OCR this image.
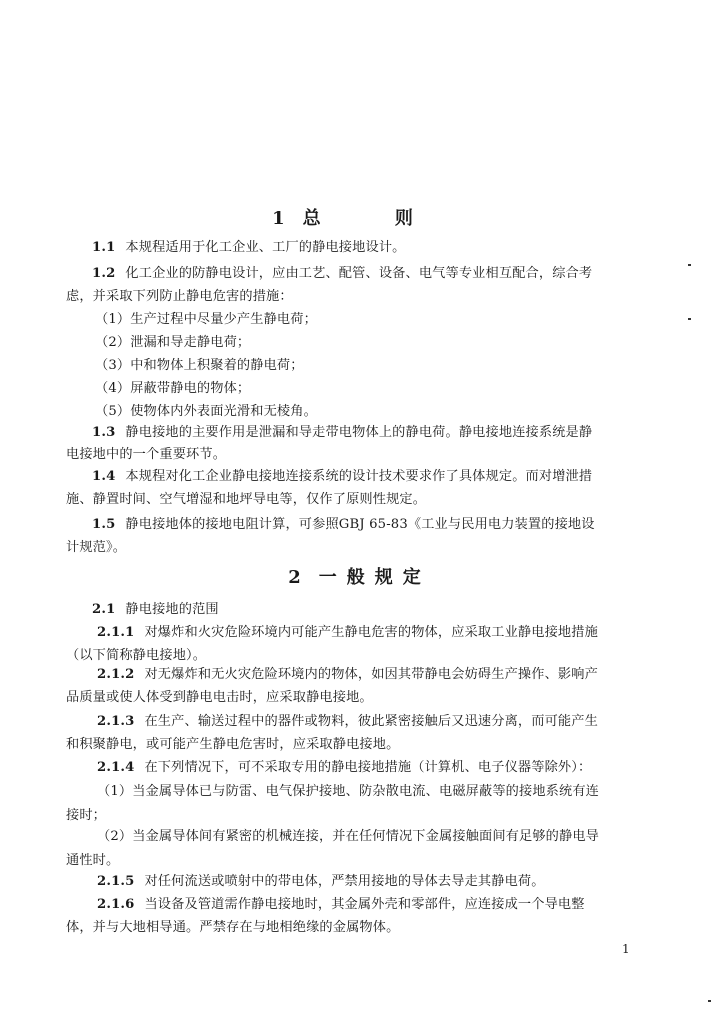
1 总 则
1.1 本规程适用于化工企业、工厂的静电接地设计。
1.2 化工企业的防静电设计，应由工艺、配管、设备、电气等专业相互配合，综合考
虑，并采取下列防止静电危害的措施：
（1）生产过程中尽量少产生静电荷；
（2）泄漏和导走静电荷；
（3）中和物体上积聚着的静电荷；
（4）屏蔽带静电的物体；
（5）使物体内外表面光滑和无棱角。
1.3 静电接地的主要作用是泄漏和导走带电物体上的静电荷。静电接地连接系统是静
电接地中的一个重要环节。
1.4 本规程对化工企业静电接地连接系统的设计技术要求作了具体规定。而对增泄措
施、静置时间、空气增湿和地坪导电等，仅作了原则性规定。
1.5 静电接地体的接地电阻计算，可参照GBJ 65-83《工业与民用电力装置的接地设
计规范》。
2 一般规定
2.1 静电接地的范围
2.1.1 对爆炸和火灾危险环境内可能产生静电危害的物体，应采取工业静电接地措施
（以下简称静电接地）。
2.1.2 对无爆炸和无火灾危险环境内的物体，如因其带静电会妨碍生产操作、影响产
品质量或使人体受到静电电击时，应采取静电接地。
2.1.3 在生产、输送过程中的器件或物料，彼此紧密接触后又迅速分离，而可能产生
和积聚静电，或可能产生静电危害时，应采取静电接地。
2.1.4 在下列情况下，可不采取专用的静电接地措施（计算机、电子仪器等除外）：
（1）当金属导体已与防雷、电气保护接地、防杂散电流、电磁屏蔽等的接地系统有连
接时；
（2）当金属导体间有紧密的机械连接，并在任何情况下金属接触面间有足够的静电导
通性时。
2.1.5 对任何流送或喷射中的带电体，严禁用接地的导体去导走其静电荷。
2.1.6 当设备及管道需作静电接地时，其金属外壳和零部件，应连接成一个导电整
体，并与大地相导通。严禁存在与地相绝缘的金属物体。
1
